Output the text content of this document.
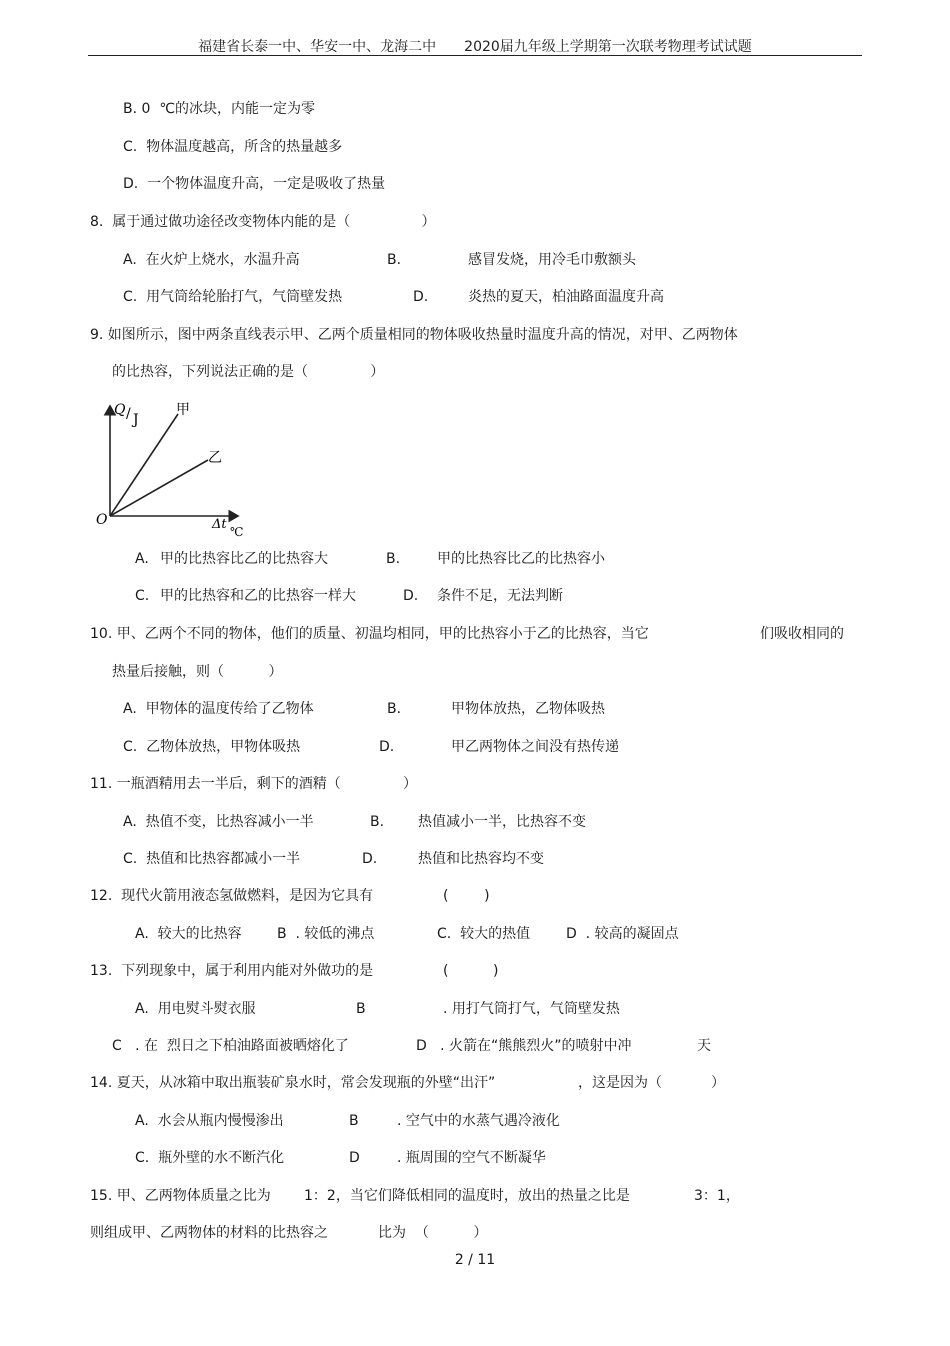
福建省长泰一中、华安一中、龙海二中　　2020届九年级上学期第一次联考物理考试试题
B. 0  ℃的冰块，内能一定为零
C.  物体温度越高，所含的热量越多
D.  一个物体温度升高，一定是吸收了热量
8.  属于通过做功途径改变物体内能的是（                ）
A.  在火炉上烧水，水温升高	B.	感冒发烧，用冷毛巾敷额头
C.  用气筒给轮胎打气，气筒壁发热	D.	炎热的夏天，柏油路面温度升高
9. 如图所示，图中两条直线表示甲、乙两个质量相同的物体吸收热量时温度升高的情况，对甲、乙两物体
的比热容，下列说法正确的是（              ）
Q / J
甲
乙
O	Δt ℃
A. 甲的比热容比乙的比热容大	B.	甲的比热容比乙的比热容小
C. 甲的比热容和乙的比热容一样大	D. 条件不足，无法判断
10. 甲、乙两个不同的物体，他们的质量、初温均相同，甲的比热容小于乙的比热容，当它	们吸收相同的
热量后接触，则（          ）
A.  甲物体的温度传给了乙物体	B.	甲物体放热，乙物体吸热
C.  乙物体放热，甲物体吸热	D.	甲乙两物体之间没有热传递
11. 一瓶酒精用去一半后，剩下的酒精（              ）
A.  热值不变，比热容减小一半	B. 热值减小一半，比热容不变
C.  热值和比热容都减小一半	D.	热值和比热容均不变
12.  现代火箭用液态氢做燃料，是因为它具有	(        )
A.  较大的比热容	B  . 较低的沸点	C.  较大的热值	D  . 较高的凝固点
13.  下列现象中，属于利用内能对外做功的是	(          )
A.  用电熨斗熨衣服	B	. 用打气筒打气，气筒壁发热
C   . 在  烈日之下柏油路面被晒熔化了	D   . 火箭在“熊熊烈火”的喷射中冲	天
14. 夏天，从冰箱中取出瓶装矿泉水时，常会发现瓶的外壁“出汗”	，这是因为（           ）
A.  水会从瓶内慢慢渗出	B	. 空气中的水蒸气遇冷液化
C.  瓶外壁的水不断汽化	D	. 瓶周围的空气不断凝华
15. 甲、乙两物体质量之比为 1：2，当它们降低相同的温度时，放出的热量之比是	3：1，
则组成甲、乙两物体的材料的比热容之	比为  （          ）
2 / 11
